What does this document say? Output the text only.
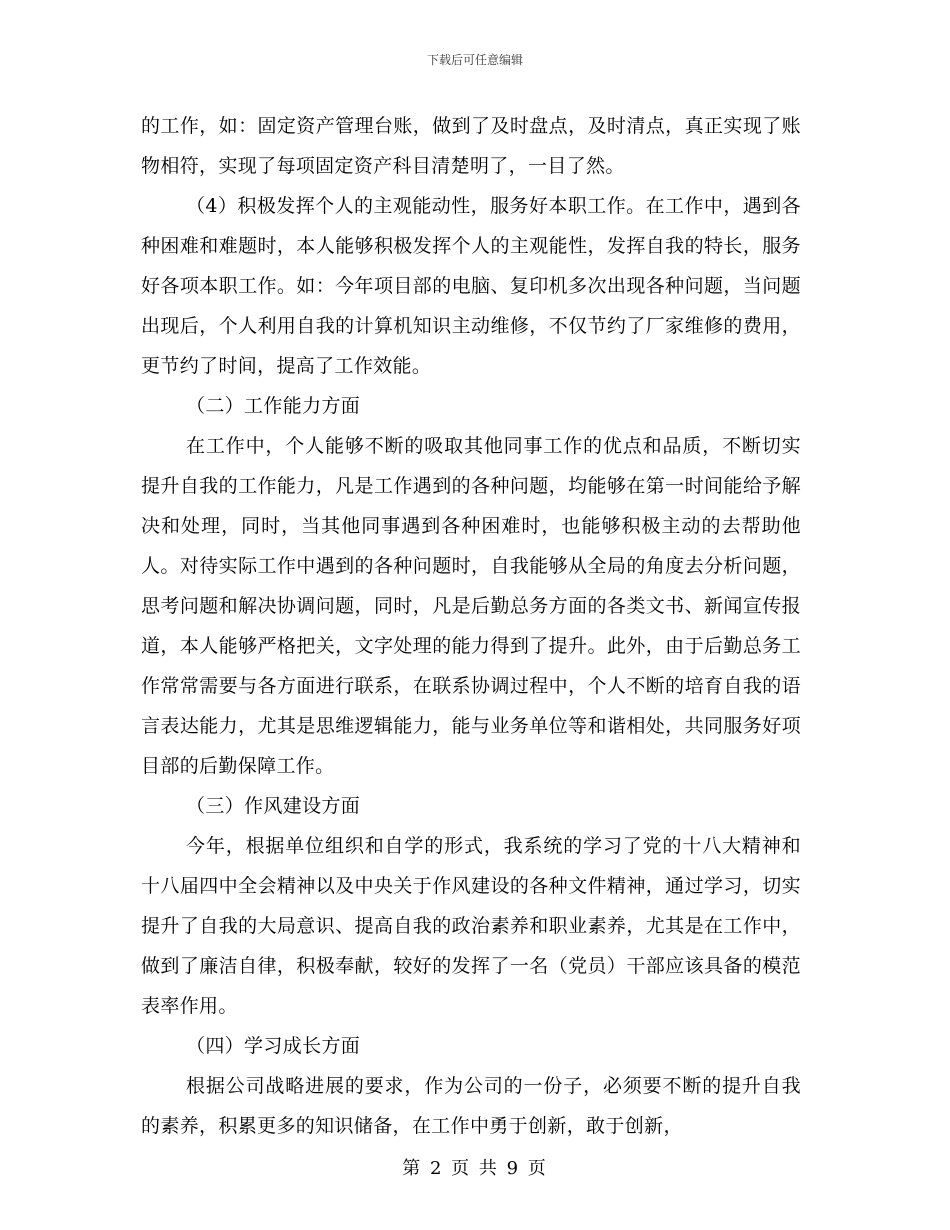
下载后可任意编辑

的工作，如：固定资产管理台账，做到了及时盘点，及时清点，真正实现了账物相符，实现了每项固定资产科目清楚明了，一目了然。

（4）积极发挥个人的主观能动性，服务好本职工作。在工作中，遇到各种困难和难题时，本人能够积极发挥个人的主观能性，发挥自我的特长，服务好各项本职工作。如：今年项目部的电脑、复印机多次出现各种问题，当问题出现后，个人利用自我的计算机知识主动维修，不仅节约了厂家维修的费用，更节约了时间，提高了工作效能。

（二）工作能力方面

在工作中，个人能够不断的吸取其他同事工作的优点和品质，不断切实提升自我的工作能力，凡是工作遇到的各种问题，均能够在第一时间能给予解决和处理，同时，当其他同事遇到各种困难时，也能够积极主动的去帮助他人。对待实际工作中遇到的各种问题时，自我能够从全局的角度去分析问题，思考问题和解决协调问题，同时，凡是后勤总务方面的各类文书、新闻宣传报道，本人能够严格把关，文字处理的能力得到了提升。此外，由于后勤总务工作常常需要与各方面进行联系，在联系协调过程中，个人不断的培育自我的语言表达能力，尤其是思维逻辑能力，能与业务单位等和谐相处，共同服务好项目部的后勤保障工作。

（三）作风建设方面

今年，根据单位组织和自学的形式，我系统的学习了党的十八大精神和十八届四中全会精神以及中央关于作风建设的各种文件精神，通过学习，切实提升了自我的大局意识、提高自我的政治素养和职业素养，尤其是在工作中，做到了廉洁自律，积极奉献，较好的发挥了一名（党员）干部应该具备的模范表率作用。

（四）学习成长方面

根据公司战略进展的要求，作为公司的一份子，必须要不断的提升自我的素养，积累更多的知识储备，在工作中勇于创新，敢于创新，

第 2 页 共 9 页
